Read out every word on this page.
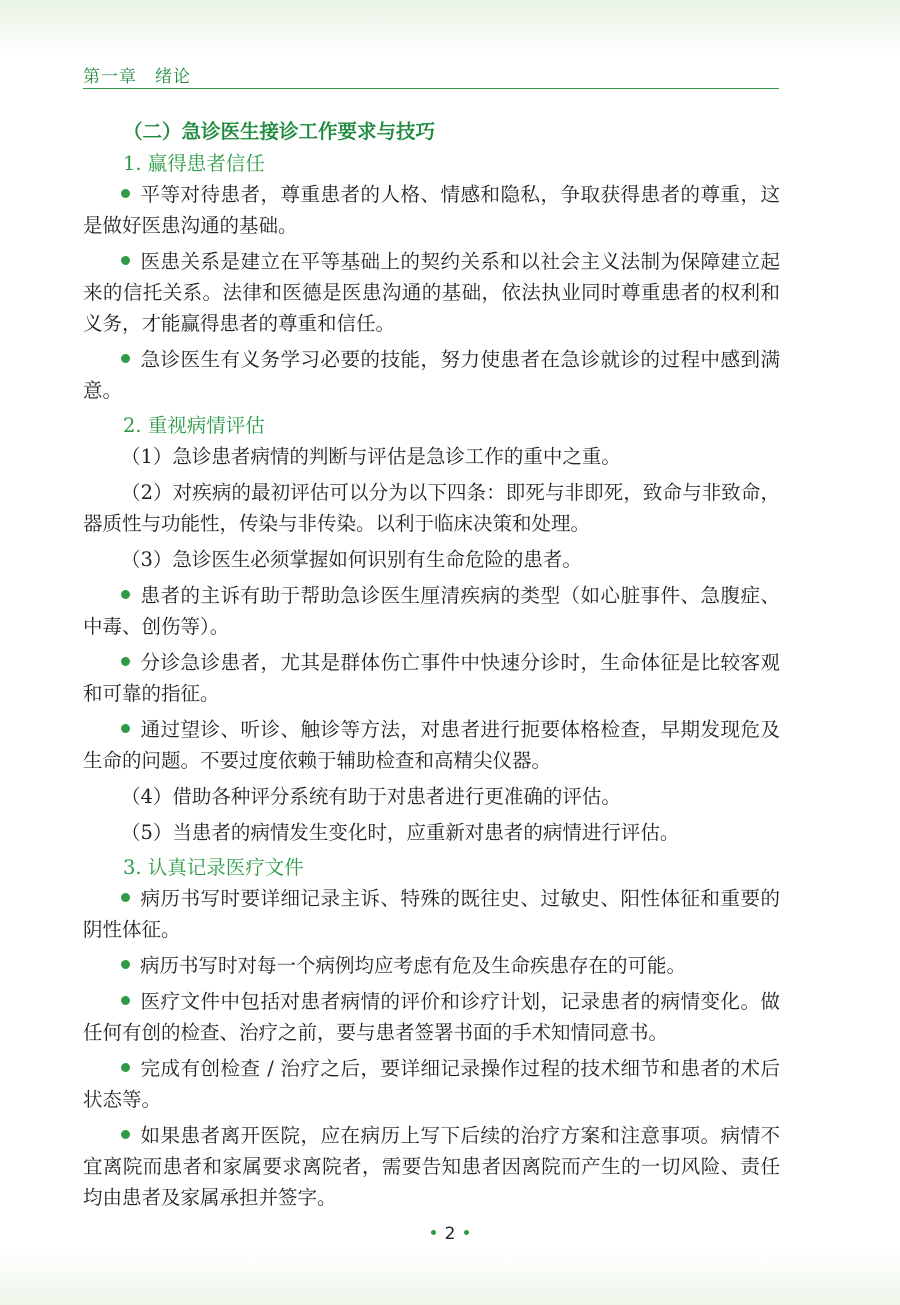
第一章　绪论
（二）急诊医生接诊工作要求与技巧
1. 赢得患者信任

平等对待患者，尊重患者的人格、情感和隐私，争取获得患者的尊重，这是做好医患沟通的基础。

医患关系是建立在平等基础上的契约关系和以社会主义法制为保障建立起来的信托关系。法律和医德是医患沟通的基础，依法执业同时尊重患者的权利和义务，才能赢得患者的尊重和信任。

急诊医生有义务学习必要的技能，努力使患者在急诊就诊的过程中感到满意。

2. 重视病情评估

（1）急诊患者病情的判断与评估是急诊工作的重中之重。

（2）对疾病的最初评估可以分为以下四条：即死与非即死，致命与非致命，器质性与功能性，传染与非传染。以利于临床决策和处理。

（3）急诊医生必须掌握如何识别有生命危险的患者。

患者的主诉有助于帮助急诊医生厘清疾病的类型（如心脏事件、急腹症、中毒、创伤等）。

分诊急诊患者，尤其是群体伤亡事件中快速分诊时，生命体征是比较客观和可靠的指征。

通过望诊、听诊、触诊等方法，对患者进行扼要体格检查，早期发现危及生命的问题。不要过度依赖于辅助检查和高精尖仪器。

（4）借助各种评分系统有助于对患者进行更准确的评估。

（5）当患者的病情发生变化时，应重新对患者的病情进行评估。

3. 认真记录医疗文件

病历书写时要详细记录主诉、特殊的既往史、过敏史、阳性体征和重要的阴性体征。

病历书写时对每一个病例均应考虑有危及生命疾患存在的可能。

医疗文件中包括对患者病情的评价和诊疗计划，记录患者的病情变化。做任何有创的检查、治疗之前，要与患者签署书面的手术知情同意书。

完成有创检查 / 治疗之后，要详细记录操作过程的技术细节和患者的术后状态等。

如果患者离开医院，应在病历上写下后续的治疗方案和注意事项。病情不宜离院而患者和家属要求离院者，需要告知患者因离院而产生的一切风险、责任均由患者及家属承担并签字。

2
